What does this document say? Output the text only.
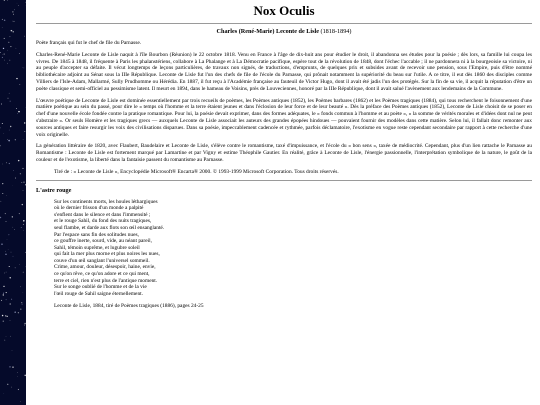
Nox Oculis
Charles (René-Marie) Leconte de Lisle (1818-1894)

Poète français qui fut le chef de file du Parnasse.

Charles-René-Marie Leconte de Lisle naquit à l'île Bourbon (Réunion) le 22 octobre 1818. Venu en France à l'âge de dix-huit ans pour étudier le droit, il abandonna ses études pour la poésie ; dès lors, sa famille lui coupa les vivres. De 1845 à 1848, il fréquente à Paris les phalanstériens, collabore à La Phalange et à La Démocratie pacifique, espère tout de la révolution de 1848, dont l'échec l'accable ; il ne pardonnera ni à la bourgeoisie sa victoire, ni au peuple d'accepter sa défaite. Il vécut longtemps de leçons particulières, de travaux non signés, de traductions, d'emprunts, de quelques prix et subsides avant de recevoir une pension, sous l'Empire, puis d'être nommé bibliothécaire adjoint au Sénat sous la IIIe République. Leconte de Lisle fut l'un des chefs de file de l'école du Parnasse, qui prônait notamment la supériorité du beau sur l'utile. A ce titre, il eut dès 1860 des disciples comme Villiers de l'Isle-Adam, Mallarmé, Sully Prudhomme ou Hérédia. En 1887, il fut reçu à l'Académie française au fauteuil de Victor Hugo, dont il avait été jadis l'un des protégés. Sur la fin de sa vie, il acquit la réputation d'être un poète classique et semi-officiel au pessimisme latent. Il meurt en 1894, dans le hameau de Voisins, près de Louveciennes, honoré par la IIIe République, dont il avait salué l'avènement aux lendemains de la Commune.

L'œuvre poétique de Leconte de Lisle est dominée essentiellement par trois recueils de poèmes, les Poèmes antiques (1852), les Poèmes barbares (1862) et les Poèmes tragiques (1884), qui tous recherchent le foisonnement d'une matière poétique au sein du passé, pour dire le « temps où l'homme et la terre étaient jeunes et dans l'éclosion de leur force et de leur beauté ». Dès la préface des Poèmes antiques (1852), Leconte de Lisle choisit de se poser en chef d'une nouvelle école fondée contre la pratique romantique. Pour lui, la poésie devait exprimer, dans des formes adéquates, le « fonds commun à l'homme et au poète », « la somme de vérités morales et d'idées dont nul ne peut s'abstraire ». Or seuls Homère et les tragiques grecs — auxquels Leconte de Lisle associait les auteurs des grandes épopées hindoues — pouvaient fournir des modèles dans cette matière. Selon lui, il fallait donc remonter aux sources antiques et faire resurgir les voix des civilisations disparues. Dans sa poésie, impeccablement cadencée et rythmée, parfois déclamatoire, l'exotisme en vogue reste cependant secondaire par rapport à cette recherche d'une voix originelle.

La génération littéraire de 1820, avec Flaubert, Baudelaire et Leconte de Lisle, s'élève contre le romantisme, taxé d'impuissance, et l'école du « bon sens », taxée de médiocrité. Cependant, plus d'un lien rattache le Parnasse au Romantisme : Leconte de Lisle est fortement marqué par Lamartine et par Vigny et estime Théophile Gautier. En réalité, grâce à Leconte de Lisle, l'énergie passionnelle, l'interprétation symbolique de la nature, le goût de la couleur et de l'exotisme, la liberté dans la fantaisie passent du romantisme au Parnasse.

Tiré de : « Leconte de Lisle », Encyclopédie Microsoft® Encarta® 2000. © 1993-1999 Microsoft Corporation. Tous droits réservés.
L'astre rouge
Sur les continents morts, les houles léthargiques
où le dernier frisson d'un monde a palpité
s'enflent dans le silence et dans l'immensité ;
et le rouge Sahil, du fond des nuits tragiques,
seul flambe, et darde aux flots son œil ensanglanté.
Par l'espace sans fin des solitudes nues,
ce gouffre inerte, sourd, vide, au néant pareil,
Sahil, témoin suprême, et lugubre soleil
qui fait la mer plus morne et plus noires les nues,
couve d'un œil sanglant l'universel sommeil.
Crime, amour, douleur, désespoir, haine, envie,
ce qu'on rêve, ce qu'on adore et ce qui ment,
terre et ciel, rien n'est plus de l'antique moment.
Sur le songe oublié de l'homme et de la vie
l'œil rouge de Sahil saigne éternellement.
Leconte de Lisle, 1884, tiré de Poèmes tragiques (1886), pages 24-25
